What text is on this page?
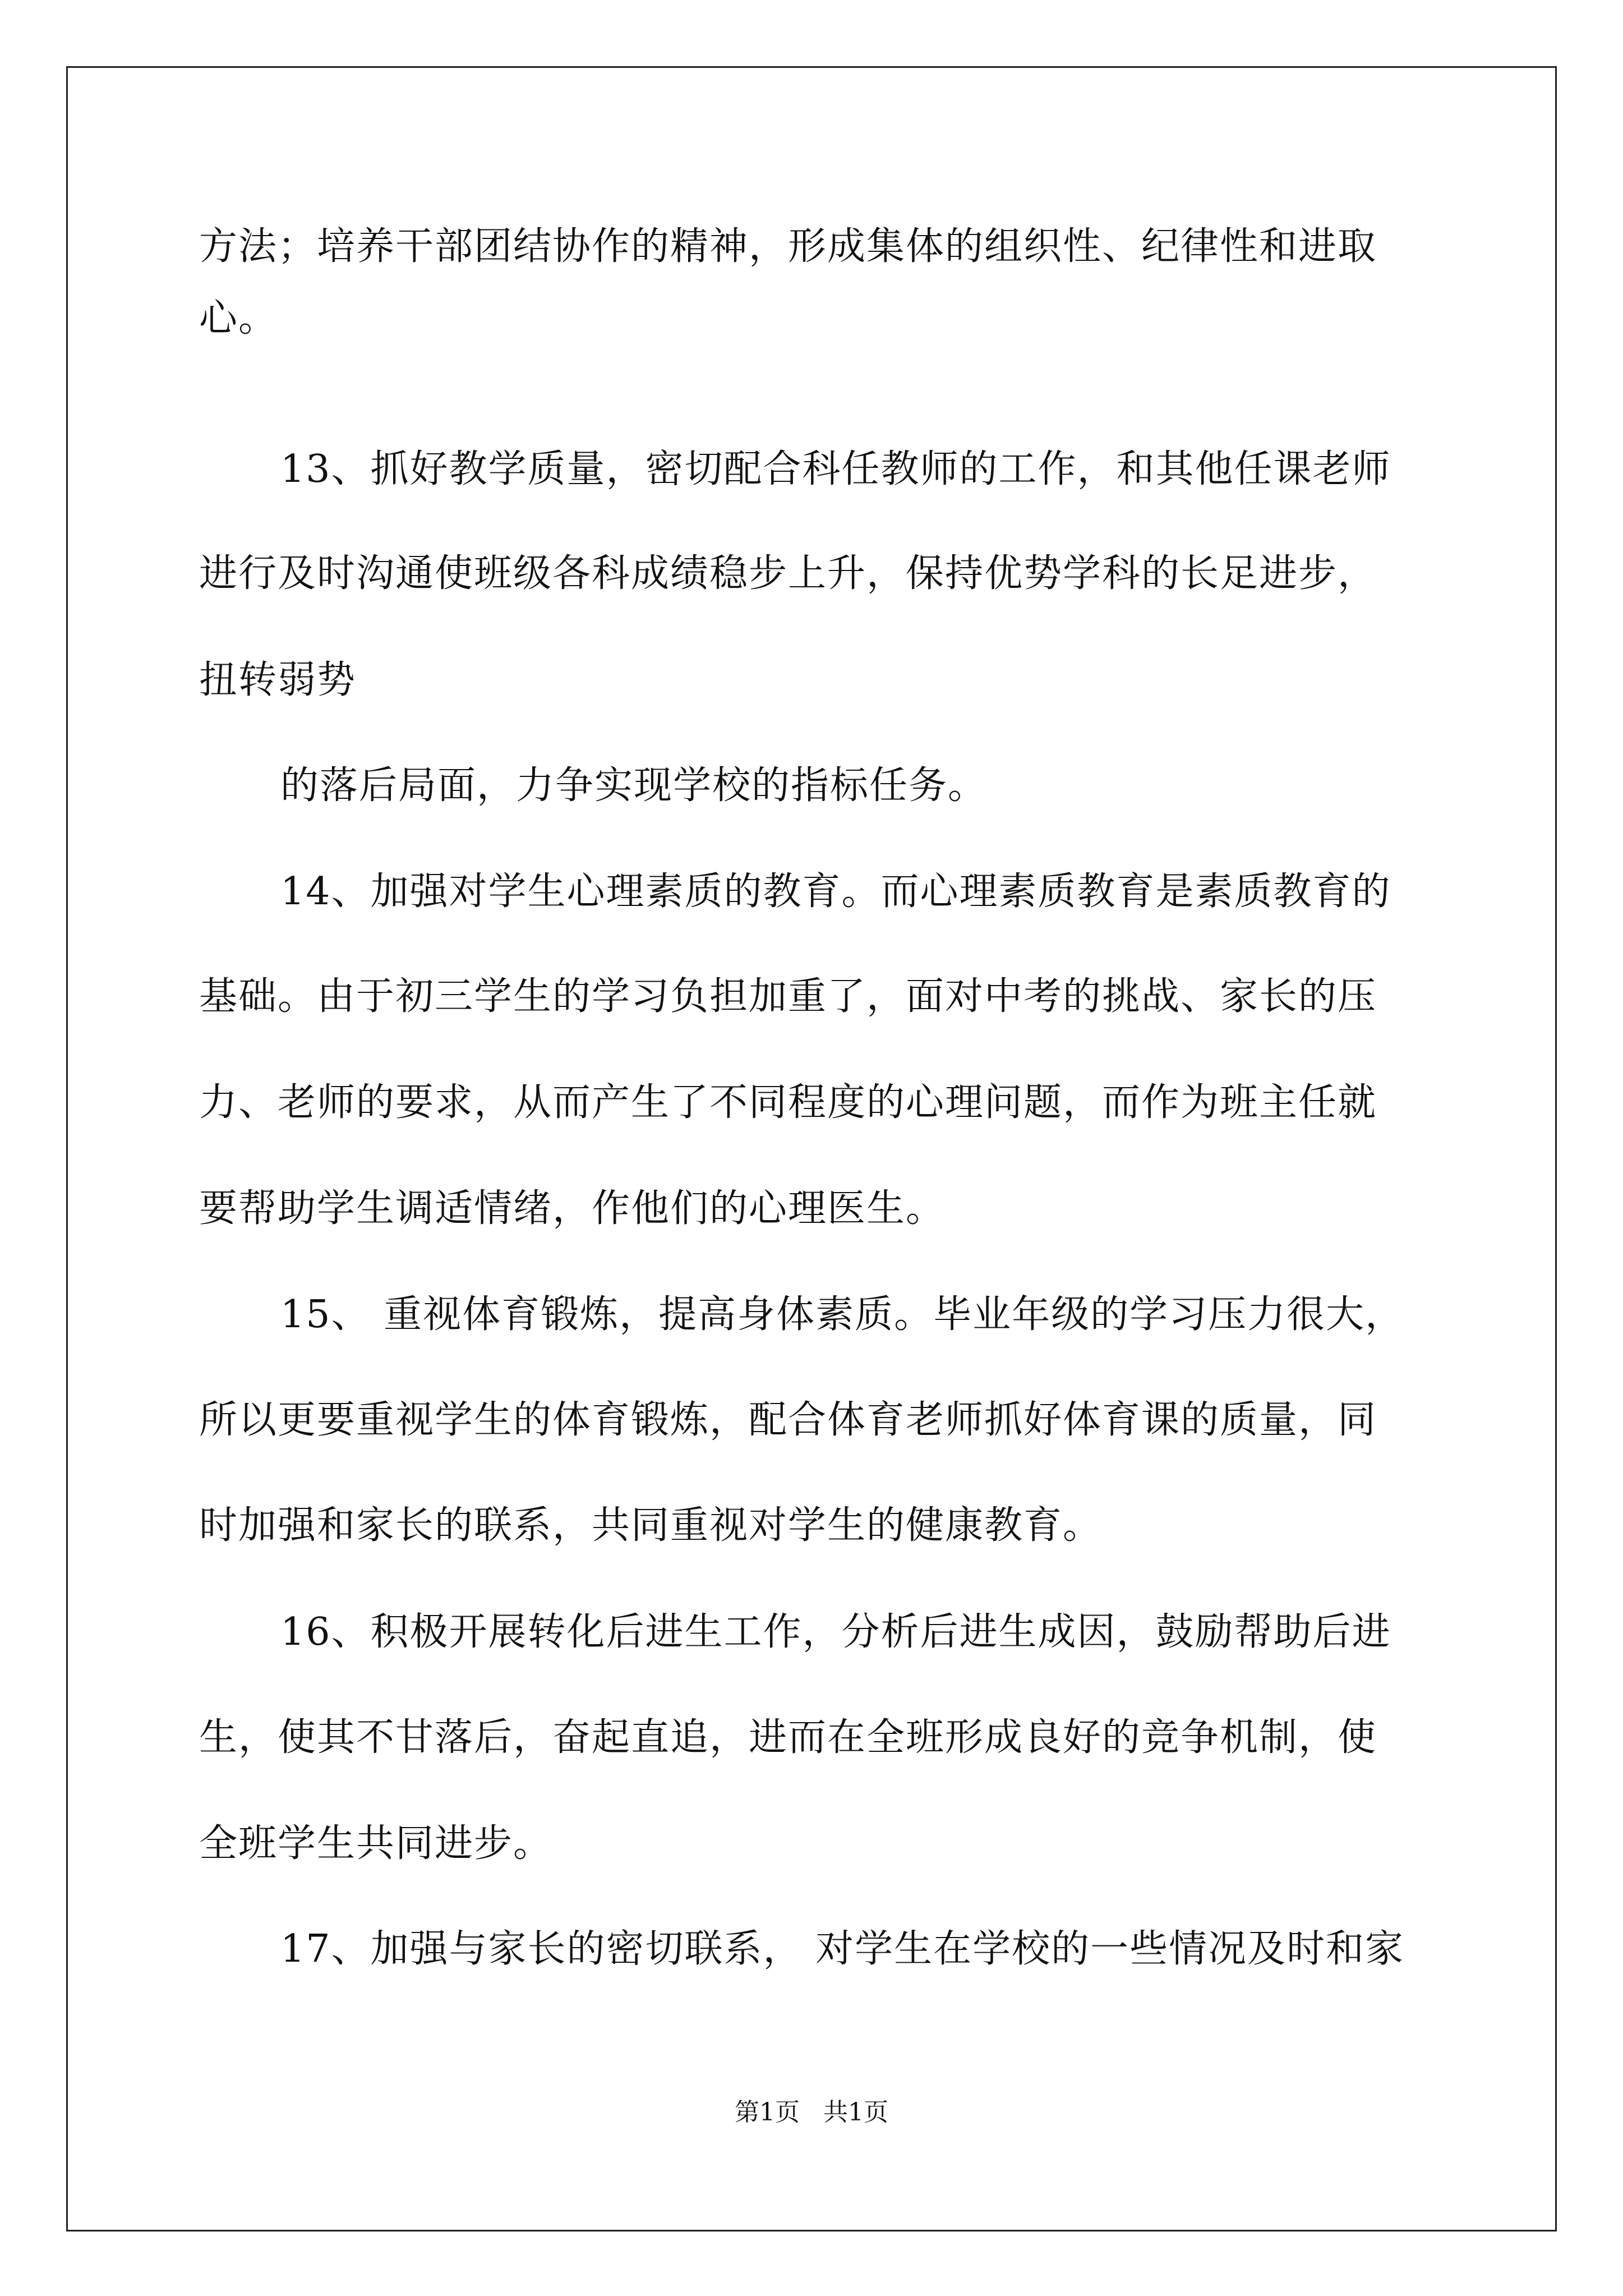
方法；培养干部团结协作的精神，形成集体的组织性、纪律性和进取
心。
13、抓好教学质量，密切配合科任教师的工作，和其他任课老师
进行及时沟通使班级各科成绩稳步上升，保持优势学科的长足进步，
扭转弱势
的落后局面，力争实现学校的指标任务。
14、加强对学生心理素质的教育。而心理素质教育是素质教育的
基础。由于初三学生的学习负担加重了，面对中考的挑战、家长的压
力、老师的要求，从而产生了不同程度的心理问题，而作为班主任就
要帮助学生调适情绪，作他们的心理医生。
15、 重视体育锻炼，提高身体素质。毕业年级的学习压力很大，
所以更要重视学生的体育锻炼，配合体育老师抓好体育课的质量，同
时加强和家长的联系，共同重视对学生的健康教育。
16、积极开展转化后进生工作，分析后进生成因，鼓励帮助后进
生，使其不甘落后，奋起直追，进而在全班形成良好的竞争机制，使
全班学生共同进步。
17、加强与家长的密切联系， 对学生在学校的一些情况及时和家
第1页   共1页
